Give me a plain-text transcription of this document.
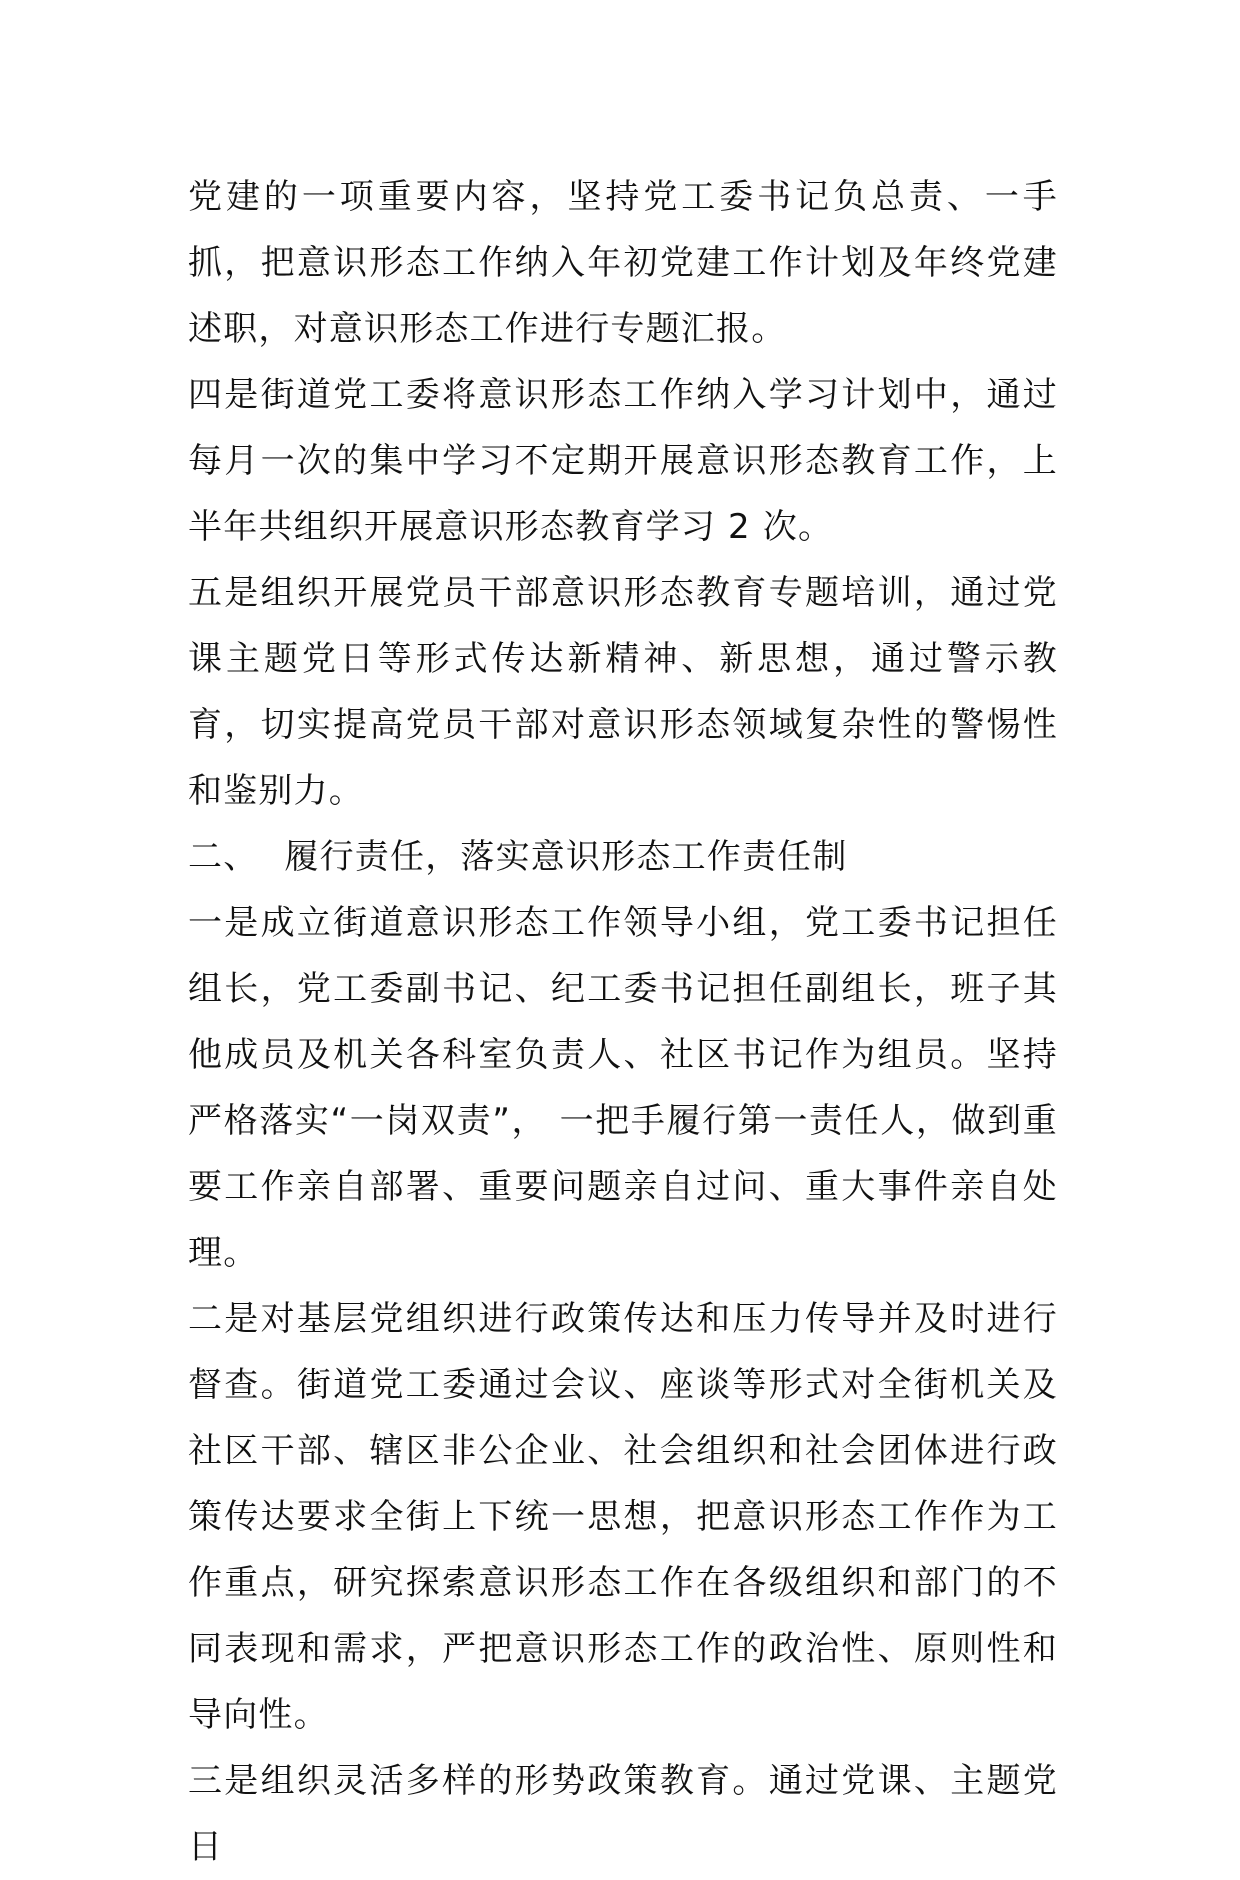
党建的一项重要内容，坚持党工委书记负总责、一手抓，把意识形态工作纳入年初党建工作计划及年终党建述职，对意识形态工作进行专题汇报。

四是街道党工委将意识形态工作纳入学习计划中，通过每月一次的集中学习不定期开展意识形态教育工作，上半年共组织开展意识形态教育学习 2 次。

五是组织开展党员干部意识形态教育专题培训，通过党课主题党日等形式传达新精神、新思想，通过警示教育，切实提高党员干部对意识形态领域复杂性的警惕性和鉴别力。

二、 履行责任，落实意识形态工作责任制

一是成立街道意识形态工作领导小组，党工委书记担任组长，党工委副书记、纪工委书记担任副组长，班子其他成员及机关各科室负责人、社区书记作为组员。坚持严格落实“一岗双责”， 一把手履行第一责任人，做到重要工作亲自部署、重要问题亲自过问、重大事件亲自处理。

二是对基层党组织进行政策传达和压力传导并及时进行督查。街道党工委通过会议、座谈等形式对全街机关及社区干部、辖区非公企业、社会组织和社会团体进行政策传达要求全街上下统一思想，把意识形态工作作为工作重点，研究探索意识形态工作在各级组织和部门的不同表现和需求，严把意识形态工作的政治性、原则性和导向性。

三是组织灵活多样的形势政策教育。通过党课、主题党日
